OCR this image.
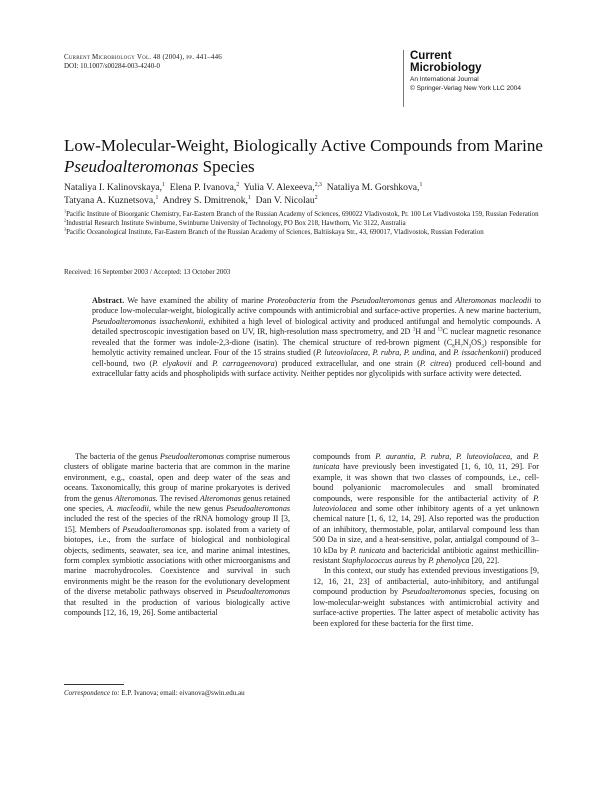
Current Microbiology Vol. 48 (2004), pp. 441–446
DOI: 10.1007/s00284-003-4240-0
Current
Microbiology
An International Journal
© Springer-Verlag New York LLC 2004
Low-Molecular-Weight, Biologically Active Compounds from Marine Pseudoalteromonas Species
Nataliya I. Kalinovskaya,$^1$ Elena P. Ivanova,$^2$ Yulia V. Alexeeva,$^{2,3}$ Nataliya M. Gorshkova,$^1$
Tatyana A. Kuznetsova,$^1$ Andrey S. Dmitrenok,$^1$ Dan V. Nicolau$^2$

$^1$Pacific Institute of Bioorganic Chemistry, Far-Eastern Branch of the Russian Academy of Sciences, 690022 Vladivostok, Pr. 100 Let Vladivostoka 159, Russian Federation

$^2$Industrial Research Institute Swinburne, Swinburne University of Technology, PO Box 218, Hawthorn, Vic 3122, Australia

$^3$Pacific Oceanological Institute, Far-Eastern Branch of the Russian Academy of Sciences, Baltiiskaya Str., 43, 690017, Vladivostok, Russian Federation

Received: 16 September 2003 / Accepted: 13 October 2003
Abstract. We have examined the ability of marine Proteobacteria from the Pseudoalteromonas genus and Alteromonas macleodii to produce low-molecular-weight, biologically active compounds with antimicrobial and surface-active properties. A new marine bacterium, Pseudoalteromonas issachenkonii, exhibited a high level of biological activity and produced antifungal and hemolytic compounds. A detailed spectroscopic investigation based on UV, IR, high-resolution mass spectrometry, and 2D $^1$H and $^{13}$C nuclear magnetic resonance revealed that the former was indole-2,3-dione (isatin). The chemical structure of red-brown pigment $(C_8H_7N_3OS_3)$ responsible for hemolytic activity remained unclear. Four of the 15 strains studied (P. luteoviolacea, P. rubra, P. undina, and P. issachenkonii) produced cell-bound, two (P. elyakovii and P. carrageenovora) produced extracellular, and one strain (P. citrea) produced cell-bound and extracellular fatty acids and phospholipids with surface activity. Neither peptides nor glycolipids with surface activity were detected.

The bacteria of the genus Pseudoalteromonas comprise numerous clusters of obligate marine bacteria that are common in the marine environment, e.g., coastal, open and deep water of the seas and oceans. Taxonomically, this group of marine prokaryotes is derived from the genus Alteromonas. The revised Alteromonas genus retained one species, A. macleodii, while the new genus Pseudoalteromonas included the rest of the species of the rRNA homology group II [3, 15]. Members of Pseudoalteromonas spp. isolated from a variety of biotopes, i.e., from the surface of biological and nonbiological objects, sediments, seawater, sea ice, and marine animal intestines, form complex symbiotic associations with other microorganisms and marine macrohydrocoles. Coexistence and survival in such environments might be the reason for the evolutionary development of the diverse metabolic pathways observed in Pseudoalteromonas that resulted in the production of various biologically active compounds [12, 16, 19, 26]. Some antibacterial

compounds from P. aurantia, P. rubra, P. luteoviolacea, and P. tunicata have previously been investigated [1, 6, 10, 11, 29]. For example, it was shown that two classes of compounds, i.e., cell-bound polyanionic macromolecules and small brominated compounds, were responsible for the antibacterial activity of P. luteoviolacea and some other inhibitory agents of a yet unknown chemical nature [1, 6, 12, 14, 29]. Also reported was the production of an inhibitory, thermostable, polar, antilarval compound less than 500 Da in size, and a heat-sensitive, polar, antialgal compound of 3–10 kDa by P. tunicata and bactericidal antibiotic against methicillin-resistant Staphylococcus aureus by P. phenolyca [20, 22].

In this context, our study has extended previous investigations [9, 12, 16, 21, 23] of antibacterial, auto-inhibitory, and antifungal compound production by Pseudoalteromonas species, focusing on low-molecular-weight substances with antimicrobial activity and surface-active properties. The latter aspect of metabolic activity has been explored for these bacteria for the first time.

Correspondence to: E.P. Ivanova; email: eivanova@swin.edu.au
